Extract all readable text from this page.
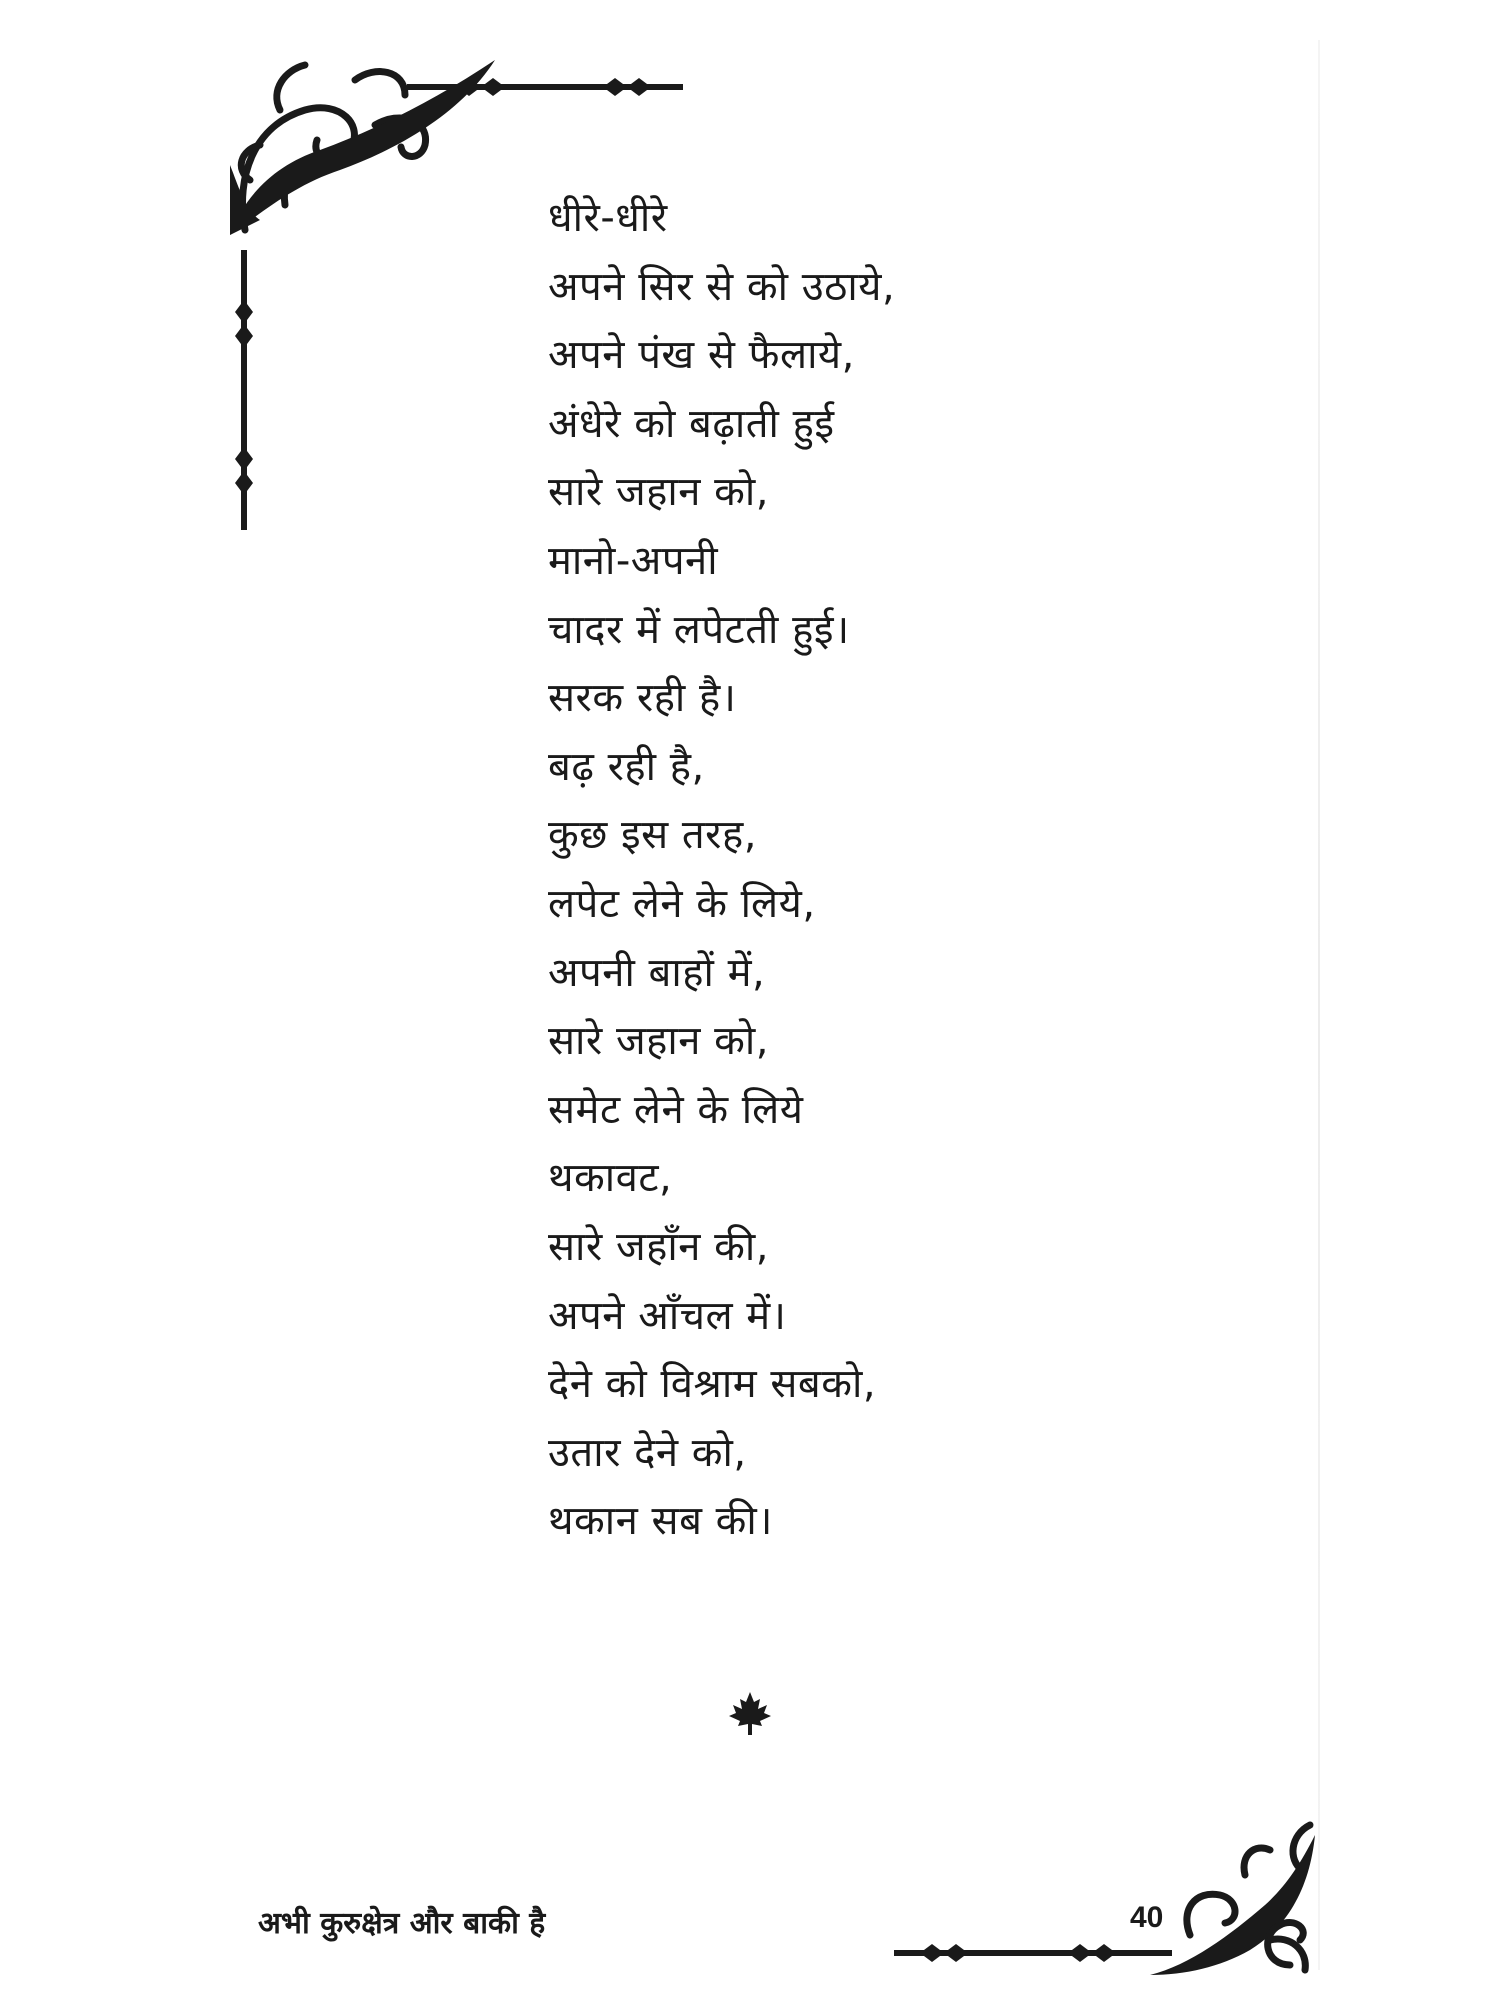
धीरे-धीरे
अपने सिर से को उठाये,
अपने पंख से फैलाये,
अंधेरे को बढ़ाती हुई
सारे जहान को,
मानो-अपनी
चादर में लपेटती हुई।
सरक रही है।
बढ़ रही है,
कुछ इस तरह,
लपेट लेने के लिये,
अपनी बाहों में,
सारे जहान को,
समेट लेने के लिये
थकावट,
सारे जहाँन की,
अपने आँचल में।
देने को विश्राम सबको,
उतार देने को,
थकान सब की।
अभी कुरुक्षेत्र और बाकी है	40
